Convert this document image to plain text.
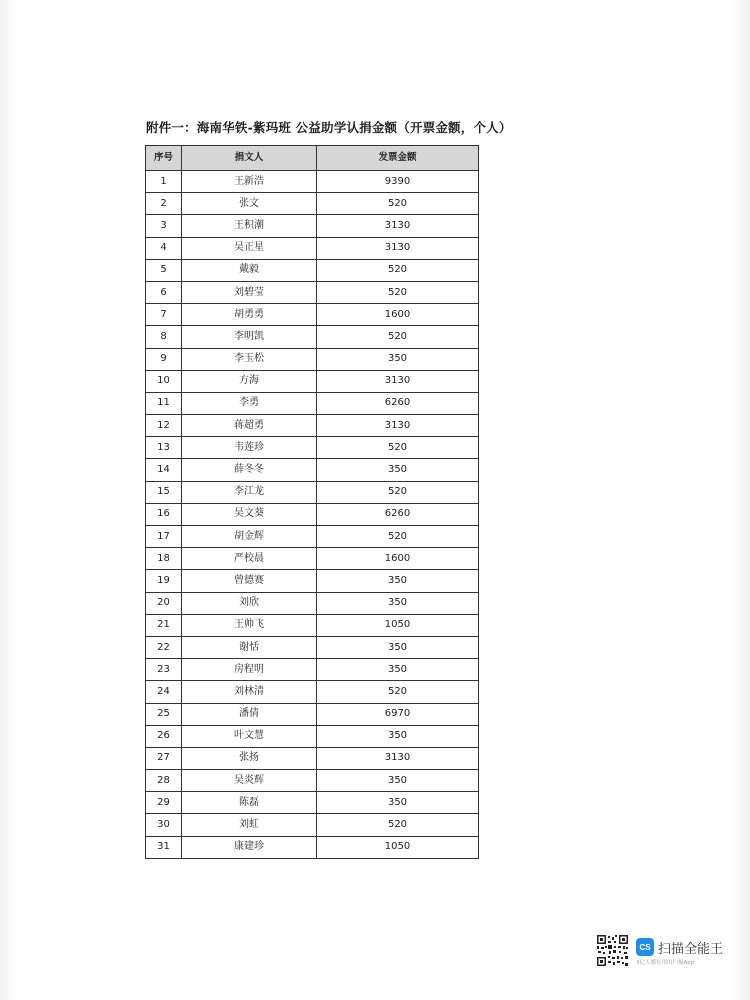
附件一：海南华铁-紫玛班 公益助学认捐金额（开票金额，个人）
序号	捐文人	发票金额
1	王新浩	9390
2	张文	520
3	王积潮	3130
4	吴正星	3130
5	戴毅	520
6	刘碧莹	520
7	胡勇勇	1600
8	李明凯	520
9	李玉松	350
10	方海	3130
11	李勇	6260
12	蒋超勇	3130
13	韦莲珍	520
14	薛冬冬	350
15	李江龙	520
16	吴文葵	6260
17	胡金辉	520
18	严校晨	1600
19	曾德赛	350
20	刘欣	350
21	王帅飞	1050
22	谢恬	350
23	房程明	350
24	刘林清	520
25	潘倩	6970
26	叶文慧	350
27	张扬	3130
28	吴炎辉	350
29	陈磊	350
30	刘虹	520
31	康建珍	1050
CS 扫描全能王
3亿人都在用的扫描App
